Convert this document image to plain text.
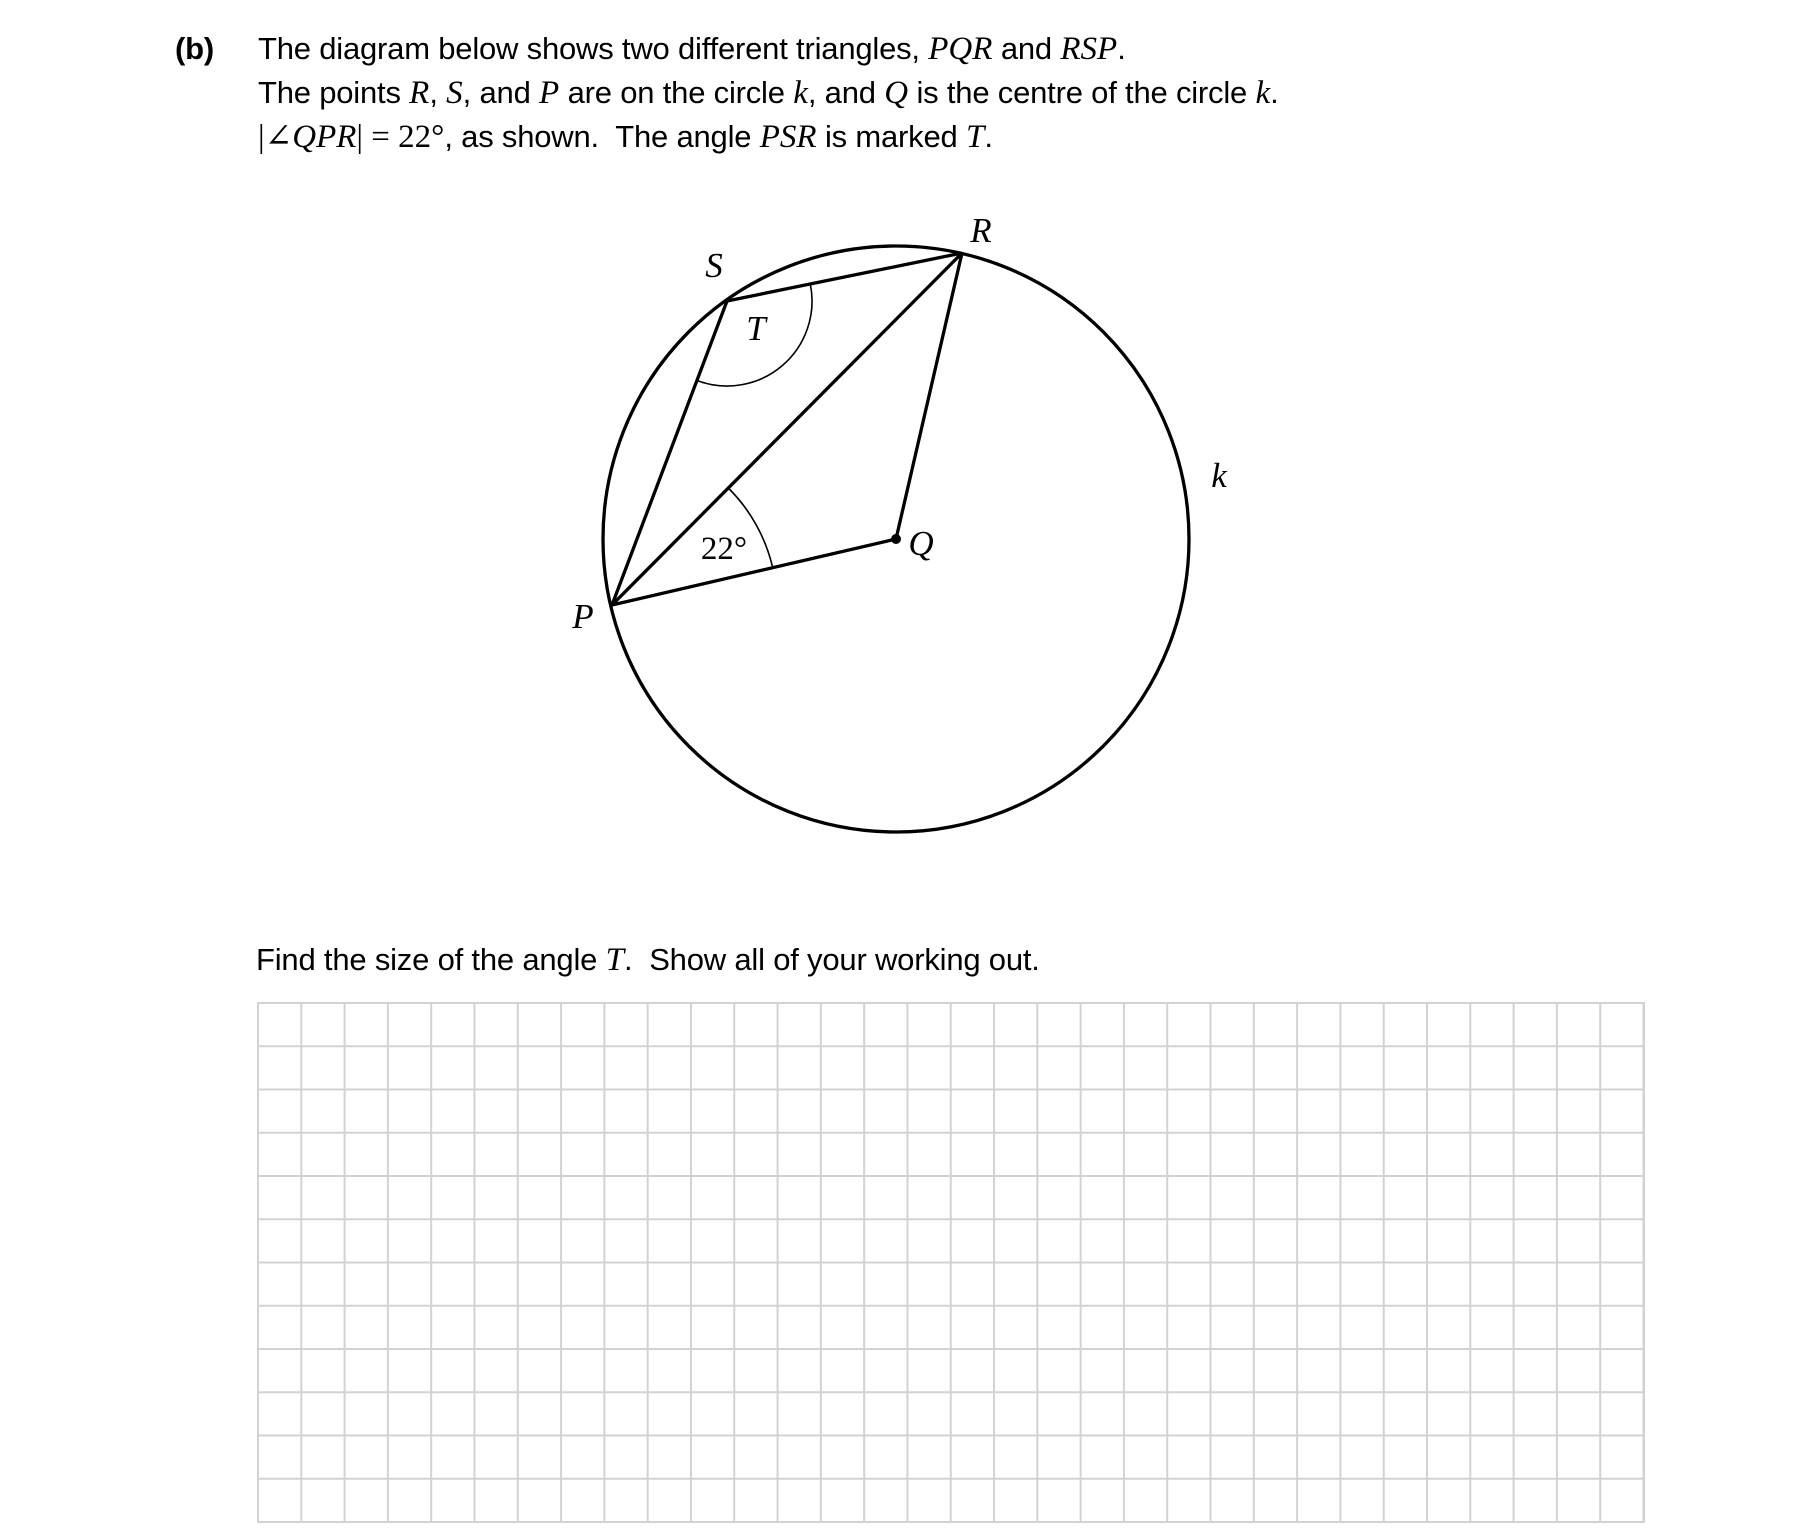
(b) The diagram below shows two different triangles, PQR and RSP.
The points R, S, and P are on the circle k, and Q is the centre of the circle k.
|∠QPR| = 22°, as shown.  The angle PSR is marked T.
R
S
T
P
Q
k
22°
Find the size of the angle T.  Show all of your working out.
